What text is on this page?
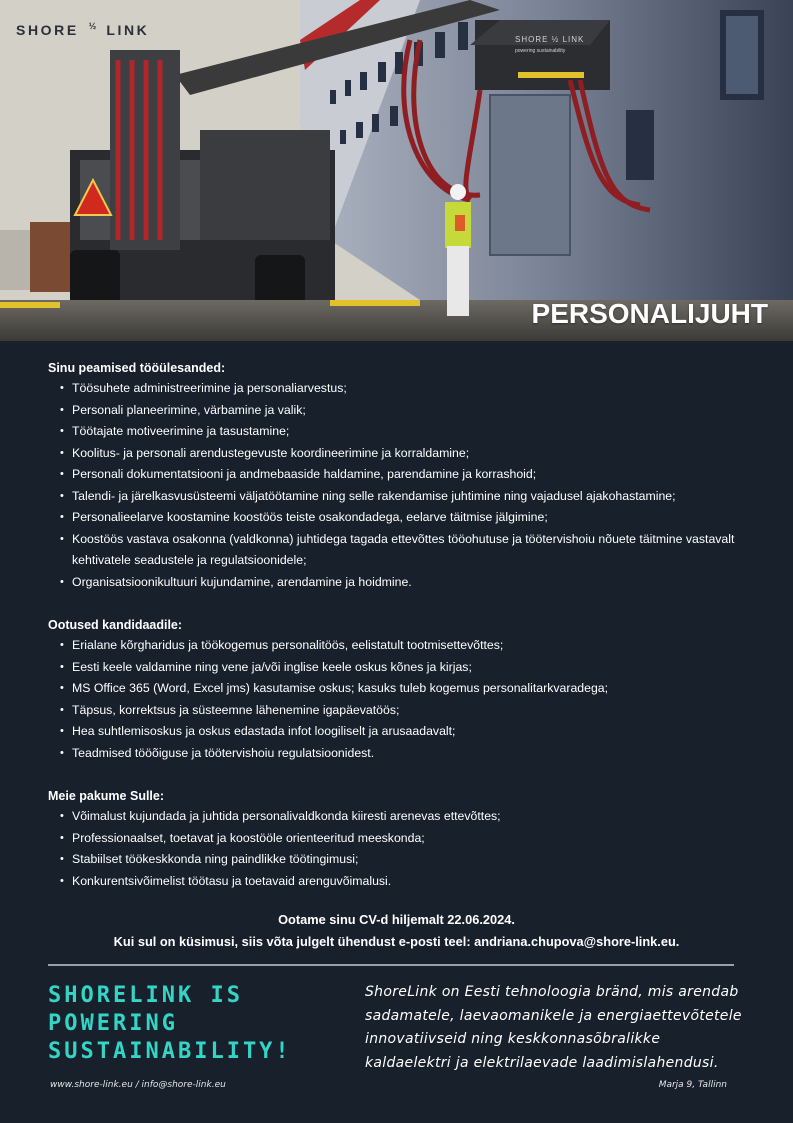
SHORE ½ LINK
powering sustainability
SHORE ½ LINK
PERSONALIJUHT
Sinu peamised tööülesanded:
• Töösuhete administreerimine ja personaliarvestus;
• Personali planeerimine, värbamine ja valik;
• Töötajate motiveerimine ja tasustamine;
• Koolitus- ja personali arendustegevuste koordineerimine ja korraldamine;
• Personali dokumentatsiooni ja andmebaaside haldamine, parendamine ja korrashoid;
• Talendi- ja järelkasvusüsteemi väljatöötamine ning selle rakendamise juhtimine ning vajadusel ajakohastamine;
• Personalieelarve koostamine koostöös teiste osakondadega, eelarve täitmise jälgimine;
• Koostöös vastava osakonna (valdkonna) juhtidega tagada ettevõttes tööohutuse ja töötervishoiu nõuete täitmine vastavalt kehtivatele seadustele ja regulatsioonidele;
• Organisatsioonikultuuri kujundamine, arendamine ja hoidmine.
Ootused kandidaadile:
• Erialane kõrgharidus ja töökogemus personalitöös, eelistatult tootmisettevõttes;
• Eesti keele valdamine ning vene ja/või inglise keele oskus kõnes ja kirjas;
• MS Office 365 (Word, Excel jms) kasutamise oskus; kasuks tuleb kogemus personalitarkvaradega;
• Täpsus, korrektsus ja süsteemne lähenemine igapäevatöös;
• Hea suhtlemisoskus ja oskus edastada infot loogiliselt ja arusaadavalt;
• Teadmised tööõiguse ja töötervishoiu regulatsioonidest.
Meie pakume Sulle:
• Võimalust kujundada ja juhtida personalivaldkonda kiiresti arenevas ettevõttes;
• Professionaalset, toetavat ja koostööle orienteeritud meeskonda;
• Stabiilset töökeskkonda ning paindlikke töötingimusi;
• Konkurentsivõimelist töötasu ja toetavaid arenguvõimalusi.
Ootame sinu CV-d hiljemalt 22.06.2024.
Kui sul on küsimusi, siis võta julgelt ühendust e-posti teel: andriana.chupova@shore-link.eu.
SHORELINK IS
POWERING
SUSTAINABILITY!
ShoreLink on Eesti tehnoloogia bränd, mis arendab sadamatele, laevaomanikele ja energiaettevõtetele innovatiivseid ning keskkonnasõbralikke kaldaelektri ja elektrilaevade laadimislahendusi.
www.shore-link.eu / info@shore-link.eu	Marja 9, Tallinn
